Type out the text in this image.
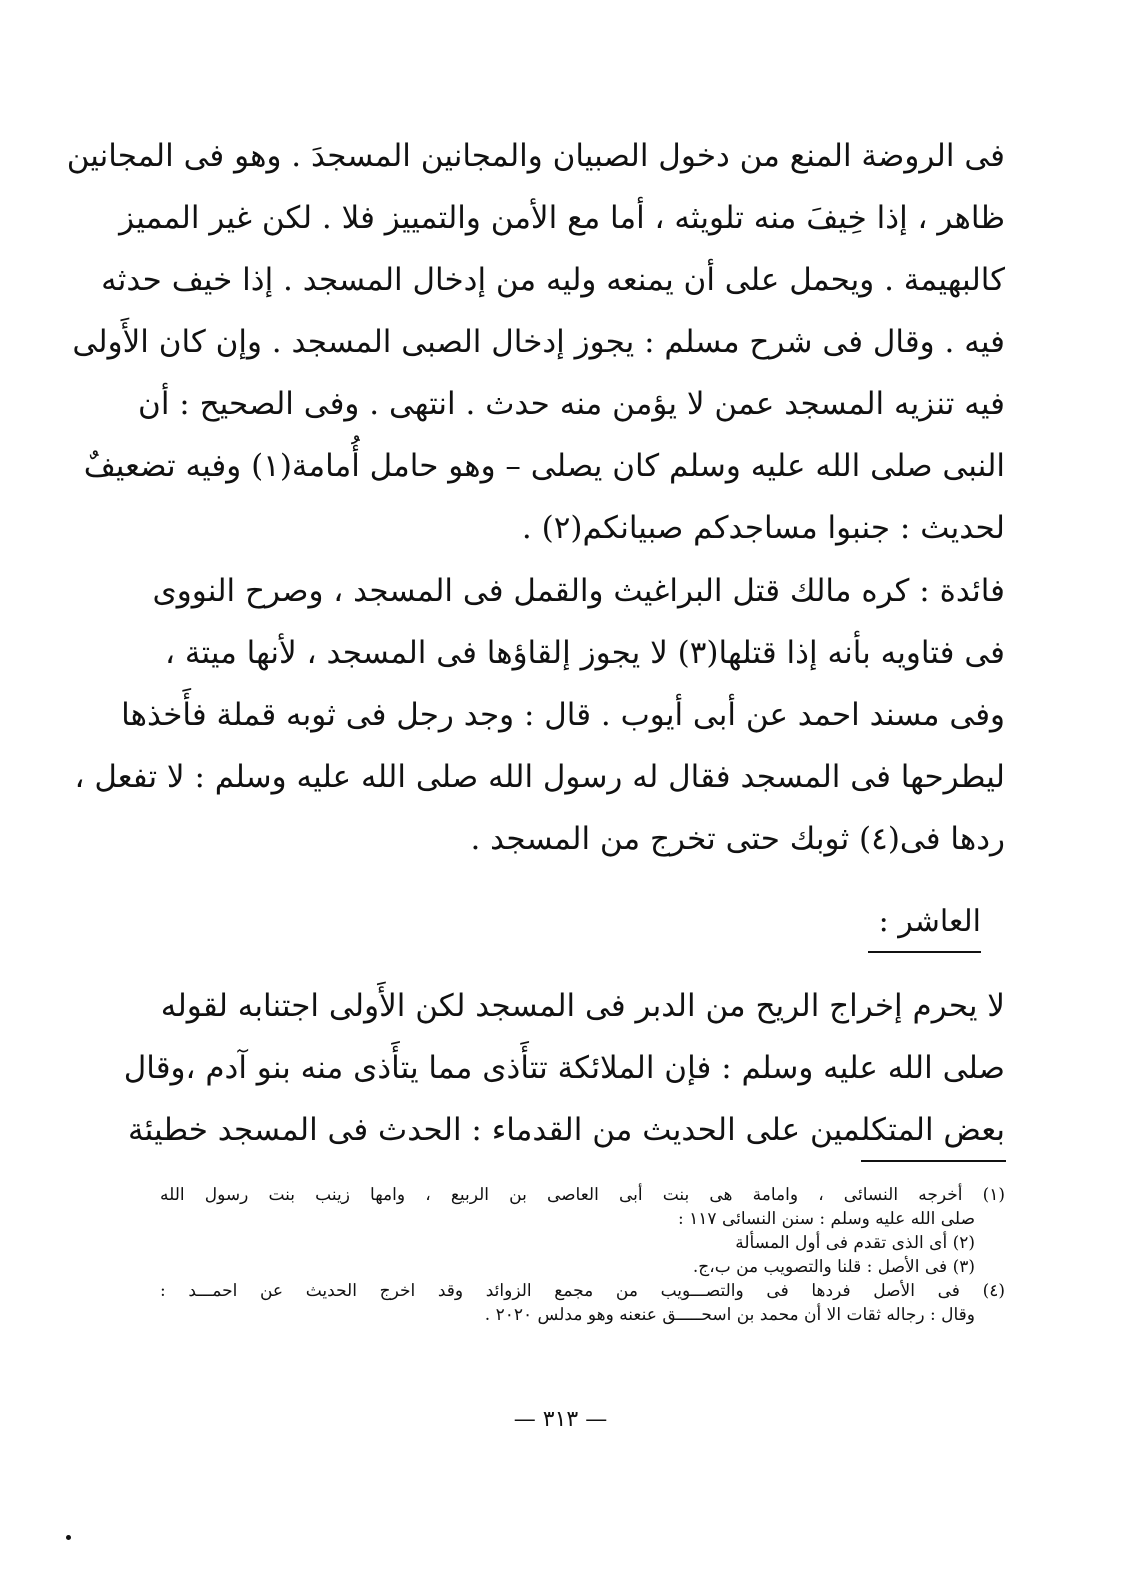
فى الروضة المنع من دخول الصبيان والمجانين المسجدَ . وهو فى المجانين
ظاهر ، إذا خِيفَ منه تلويثه ، أما مع الأمن والتمييز فلا . لكن غير المميز
كالبهيمة . ويحمل على أن يمنعه وليه من إدخال المسجد . إذا خيف حدثه
فيه . وقال فى شرح مسلم : يجوز إدخال الصبى المسجد . وإن كان الأَولى
فيه تنزيه المسجد عمن لا يؤمن منه حدث . انتهى . وفى الصحيح : أن
النبى صلى الله عليه وسلم كان يصلى – وهو حامل أُمامة(١) وفيه تضعيفٌ
لحديث : جنبوا مساجدكم صبيانكم(٢) .
فائدة : كره مالك قتل البراغيث والقمل فى المسجد ، وصرح النووى
فى فتاويه بأنه إذا قتلها(٣) لا يجوز إلقاؤها فى المسجد ، لأنها ميتة ،
وفى مسند احمد عن أبى أيوب . قال : وجد رجل فى ثوبه قملة فأَخذها
ليطرحها فى المسجد فقال له رسول الله صلى الله عليه وسلم : لا تفعل ،
ردها فى(٤) ثوبك حتى تخرج من المسجد .
العاشر :
لا يحرم إخراج الريح من الدبر فى المسجد لكن الأَولى اجتنابه لقوله
صلى الله عليه وسلم : فإن الملائكة تتأَذى مما يتأَذى منه بنو آدم ،وقال
بعض المتكلمين على الحديث من القدماء : الحدث فى المسجد خطيئة
(١) أخرجه النسائى ، وامامة هى بنت أبى العاصى بن الربيع ، وامها زينب بنت رسول الله
صلى الله عليه وسلم : سنن النسائى ١١٧ :
(٢) أى الذى تقدم فى أول المسألة
(٣) فى الأصل : قلنا والتصويب من ب،ج.
(٤) فى الأصل فردها فى والتصـــويب من مجمع الزوائد وقد اخرج الحديث عن احمـــد :
وقال : رجاله ثقات الا أن محمد بن اسحـــــق عنعنه وهو مدلس ٢٠٢٠ .
— ٣١٣ —
